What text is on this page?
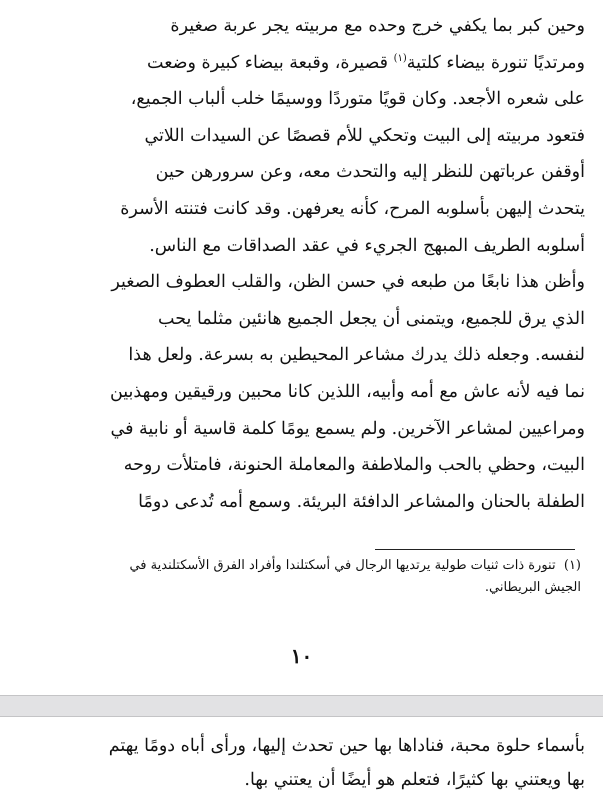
وحين كبر بما يكفي خرج وحده مع مربيته يجر عربة صغيرة
ومرتديًا تنورة بيضاء كلتية$^{(١)}$ قصيرة، وقبعة بيضاء كبيرة وضعت
على شعره الأجعد. وكان قويًا متوردًا ووسيمًا خلب ألباب الجميع،
فتعود مربيته إلى البيت وتحكي للأم قصصًا عن السيدات اللاتي
أوقفن عرباتهن للنظر إليه والتحدث معه، وعن سرورهن حين
يتحدث إليهن بأسلوبه المرح، كأنه يعرفهن. وقد كانت فتنته الأسرة
أسلوبه الطريف المبهج الجريء في عقد الصداقات مع الناس.
وأظن هذا نابعًا من طبعه في حسن الظن، والقلب العطوف الصغير
الذي يرق للجميع، ويتمنى أن يجعل الجميع هانئين مثلما يحب
لنفسه. وجعله ذلك يدرك مشاعر المحيطين به بسرعة. ولعل هذا
نما فيه لأنه عاش مع أمه وأبيه، اللذين كانا محبين ورقيقين ومهذبين
ومراعيين لمشاعر الآخرين. ولم يسمع يومًا كلمة قاسية أو نابية في
البيت، وحظي بالحب والملاطفة والمعاملة الحنونة، فامتلأت روحه
الطفلة بالحنان والمشاعر الدافئة البريئة. وسمع أمه تُدعى دومًا
(١)  تنورة ذات ثنيات طولية يرتديها الرجال في أسكتلندا وأفراد الفرق الأسكتلندية في
الجيش البريطاني.
١٠
بأسماء حلوة محبة، فناداها بها حين تحدث إليها، ورأى أباه دومًا يهتم
بها ويعتني بها كثيرًا، فتعلم هو أيضًا أن يعتني بها.
